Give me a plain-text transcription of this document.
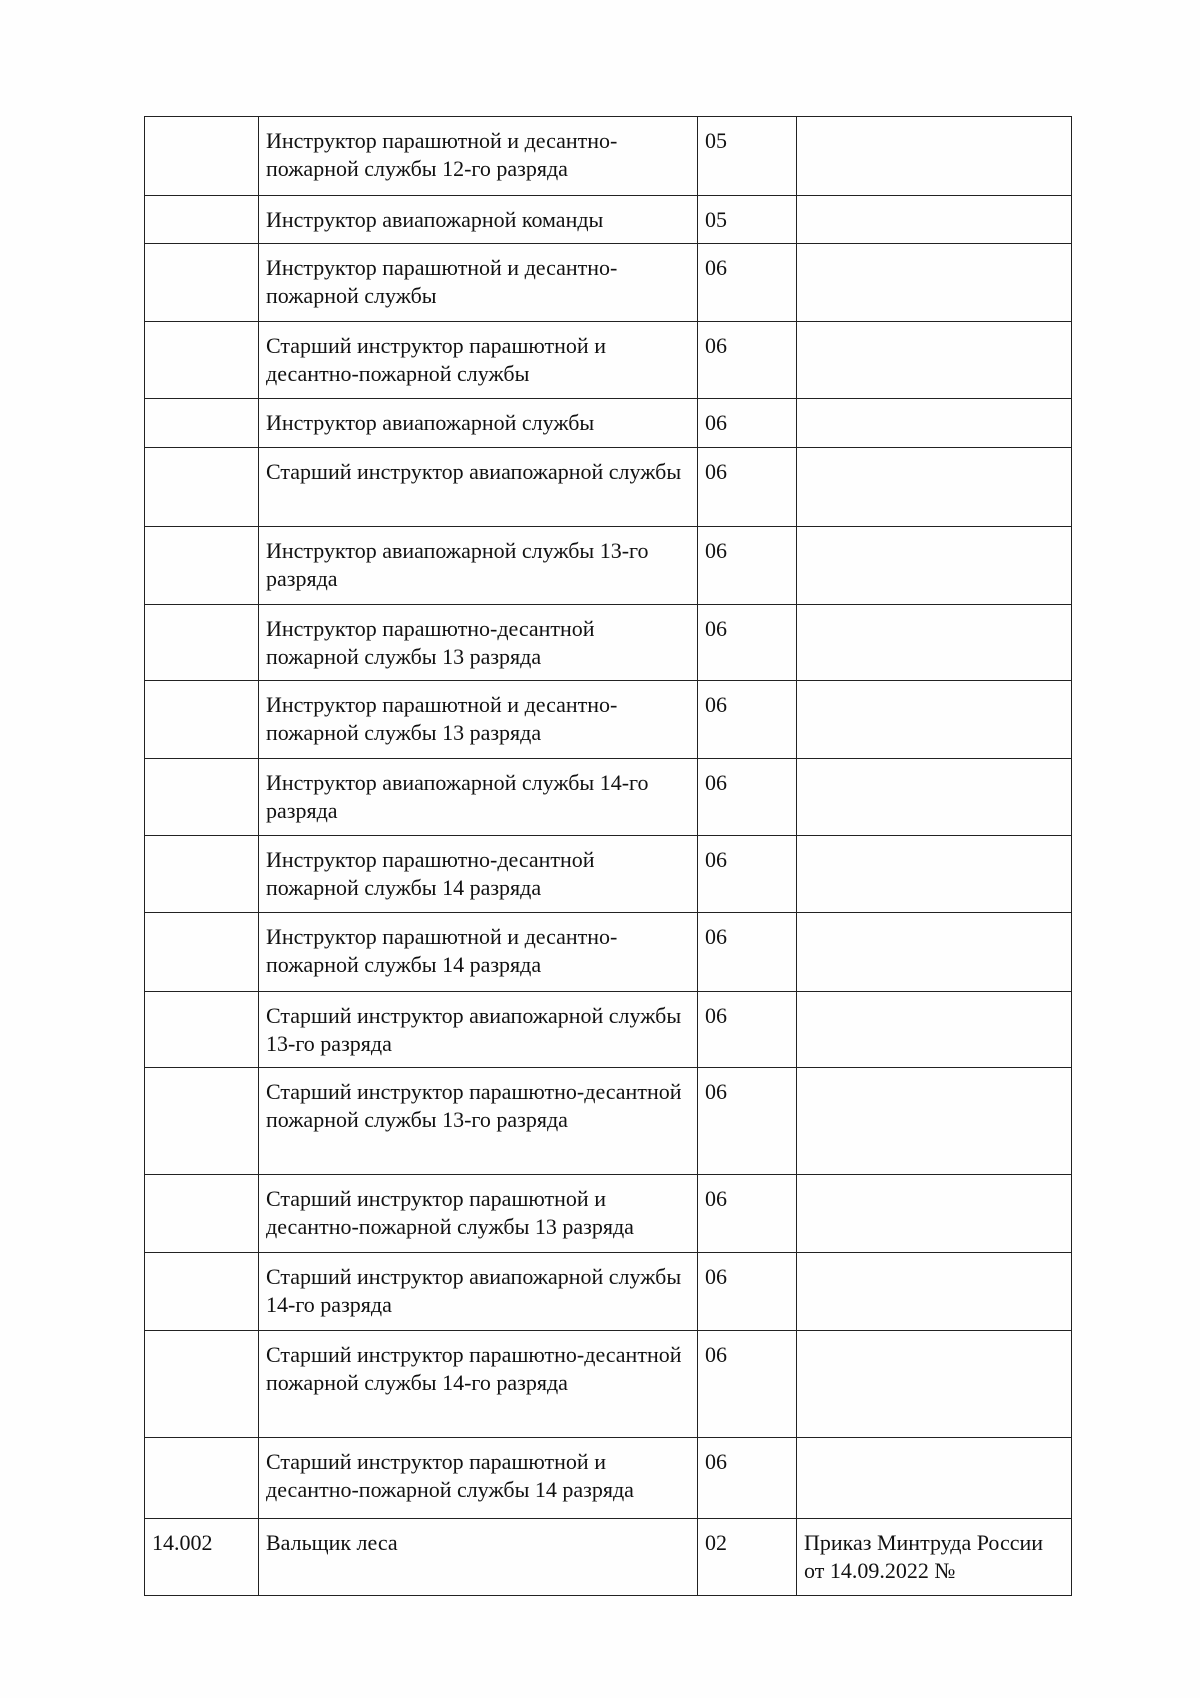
	Инструктор парашютной и десантно-пожарной службы 12-го разряда	05	
	Инструктор авиапожарной команды	05	
	Инструктор парашютной и десантно-пожарной службы	06	
	Старший инструктор парашютной и десантно-пожарной службы	06	
	Инструктор авиапожарной службы	06	
	Старший инструктор авиапожарной службы	06	
	Инструктор авиапожарной службы 13-го разряда	06	
	Инструктор парашютно-десантной пожарной службы 13 разряда	06	
	Инструктор парашютной и десантно-пожарной службы 13 разряда	06	
	Инструктор авиапожарной службы 14-го разряда	06	
	Инструктор парашютно-десантной пожарной службы 14 разряда	06	
	Инструктор парашютной и десантно-пожарной службы 14 разряда	06	
	Старший инструктор авиапожарной службы 13-го разряда	06	
	Старший инструктор парашютно-десантной пожарной службы 13-го разряда	06	
	Старший инструктор парашютной и десантно-пожарной службы 13 разряда	06	
	Старший инструктор авиапожарной службы 14-го разряда	06	
	Старший инструктор парашютно-десантной пожарной службы 14-го разряда	06	
	Старший инструктор парашютной и десантно-пожарной службы 14 разряда	06	
14.002	Вальщик леса	02	Приказ Минтруда России от 14.09.2022 №
